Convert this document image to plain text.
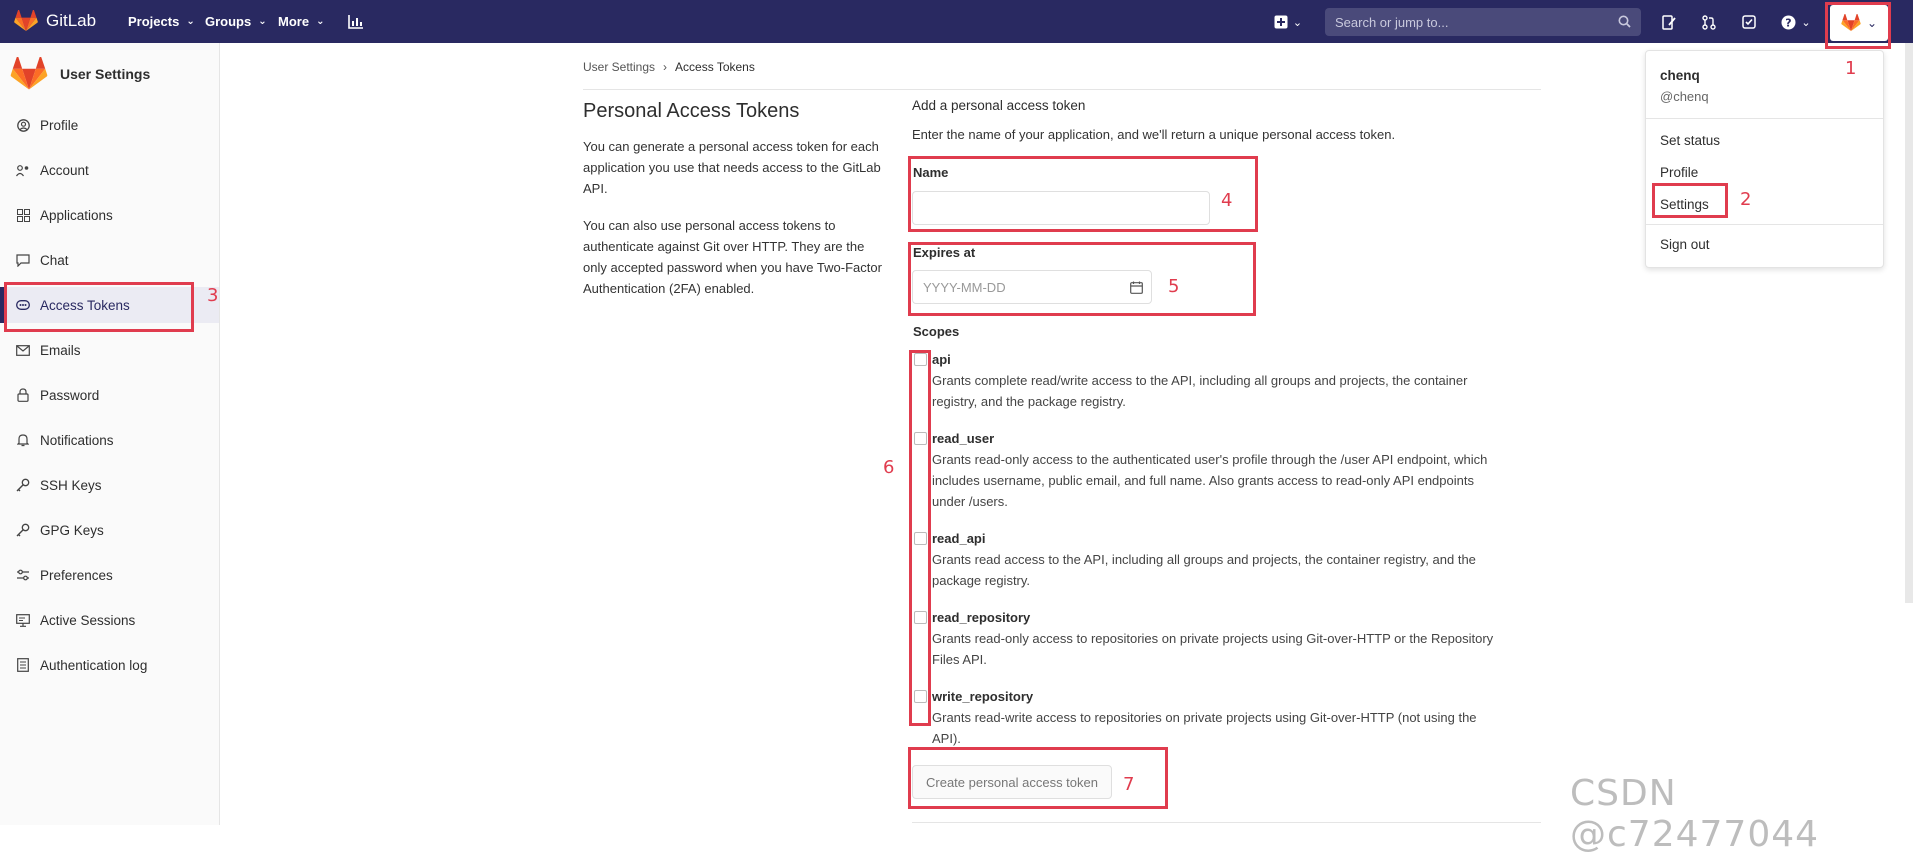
GitLab Projects ⌄ Groups ⌄ More ⌄	⌄	Search or jump to...	? ⌄	⌄
User Settings
Profile
Account
Applications
Chat
Access Tokens
Emails
Password
Notifications
SSH Keys
GPG Keys
Preferences
Active Sessions
Authentication log
User Settings › Access Tokens
Personal Access Tokens
You can generate a personal access token for each application you use that needs access to the GitLab API.
You can also use personal access tokens to authenticate against Git over HTTP. They are the only accepted password when you have Two-Factor Authentication (2FA) enabled.
Add a personal access token
Enter the name of your application, and we'll return a unique personal access token.
Name
Expires at
YYYY-MM-DD
Scopes
api
Grants complete read/write access to the API, including all groups and projects, the container
registry, and the package registry.
read_user
Grants read-only access to the authenticated user's profile through the /user API endpoint, which
includes username, public email, and full name. Also grants access to read-only API endpoints
under /users.
read_api
Grants read access to the API, including all groups and projects, the container registry, and the
package registry.
read_repository
Grants read-only access to repositories on private projects using Git-over-HTTP or the Repository
Files API.
write_repository
Grants read-write access to repositories on private projects using Git-over-HTTP (not using the
API).
Create personal access token
chenq
@chenq
Set status
Profile
Settings
Sign out
1
2
3
4
5
6
7	CSDN @c72477044
